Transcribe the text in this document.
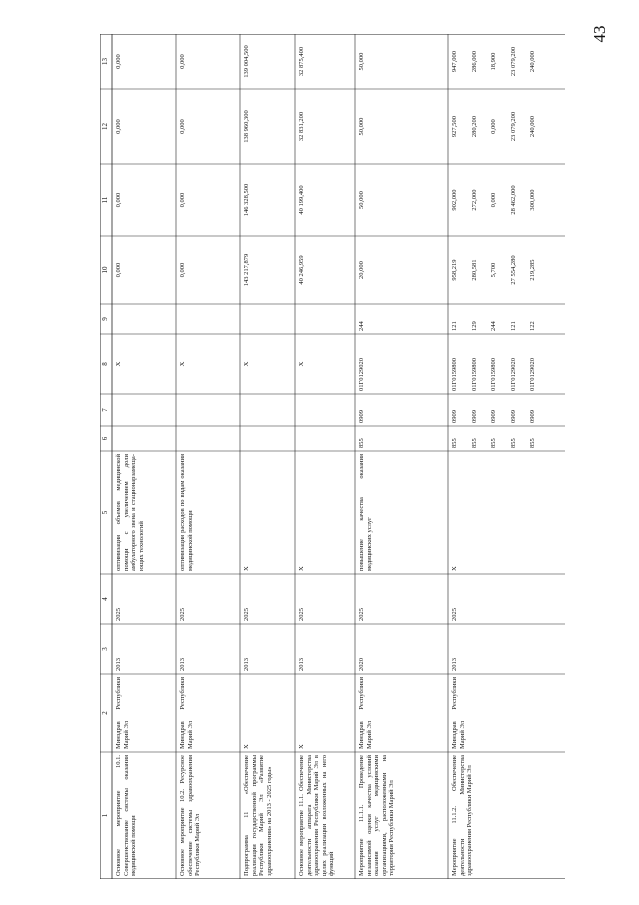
43
1
2
3
4
5
6
7
8
9
10
11
12
13
Основное мероприятие 10.1. Совершенствование системы оказания медицинской помощи
Минздрав Республики Марий Эл
2013
2025
оптимизация объемов медицинской помощи с увеличением доли амбулаторного звена и стационарзамеща-ющих технологий
X
0,000
0,000
0,000
0,000
Основное мероприятие 10.2. Ресурсное обеспечение системы здравоохранения Республики Марий Эл
Минздрав Республики Марий Эл
2013
2025
оптимизация расходов по видам оказания медицинской помощи
X
0,000
0,000
0,000
0,000
Подпрограмма 11 «Обеспечение реализации государственной программы Республики Марий Эл «Развитие здравоохранения» на 2013 - 2025 годы»
X
2013
2025
X
X
143 217,879
146 328,500
138 960,300
139 004,500
Основное мероприятие 11.1. Обеспечение деятельности аппарата Министерства здравоохранения Республики Марий Эл в целях реализации возложенных на него функций
X
2013
2025
X
X
40 246,959
40 199,400
32 831,200
32 875,400
Мероприятие 11.1.1. Проведение независимой оценки качества условий оказания услуг медицинскими организациями, расположенными на территории Республики Марий Эл
Минздрав Республики Марий Эл
2020
2025
повышение качества оказания медицинских услуг
855
0909
01Г0129020
244
20,000
50,000
50,000
50,000
Мероприятие 11.1.2. Обеспечение деятельности Министерства здравоохранения Республики Марий Эл
Минздрав Республики Марий Эл
2013
2025
X
855
0909
01Г0159800
121
958,219
902,000
927,500
947,000
855
0909
01Г0159800
129
280,581
272,000
280,200
286,000
855
0909
01Г0159800
244
5,700
0,000
0,000
18,900
855
0909
01Г0129020
121
27 554,280
28 462,000
23 079,200
23 079,200
855
0909
01Г0129020
122
219,285
300,000
240,000
240,000
